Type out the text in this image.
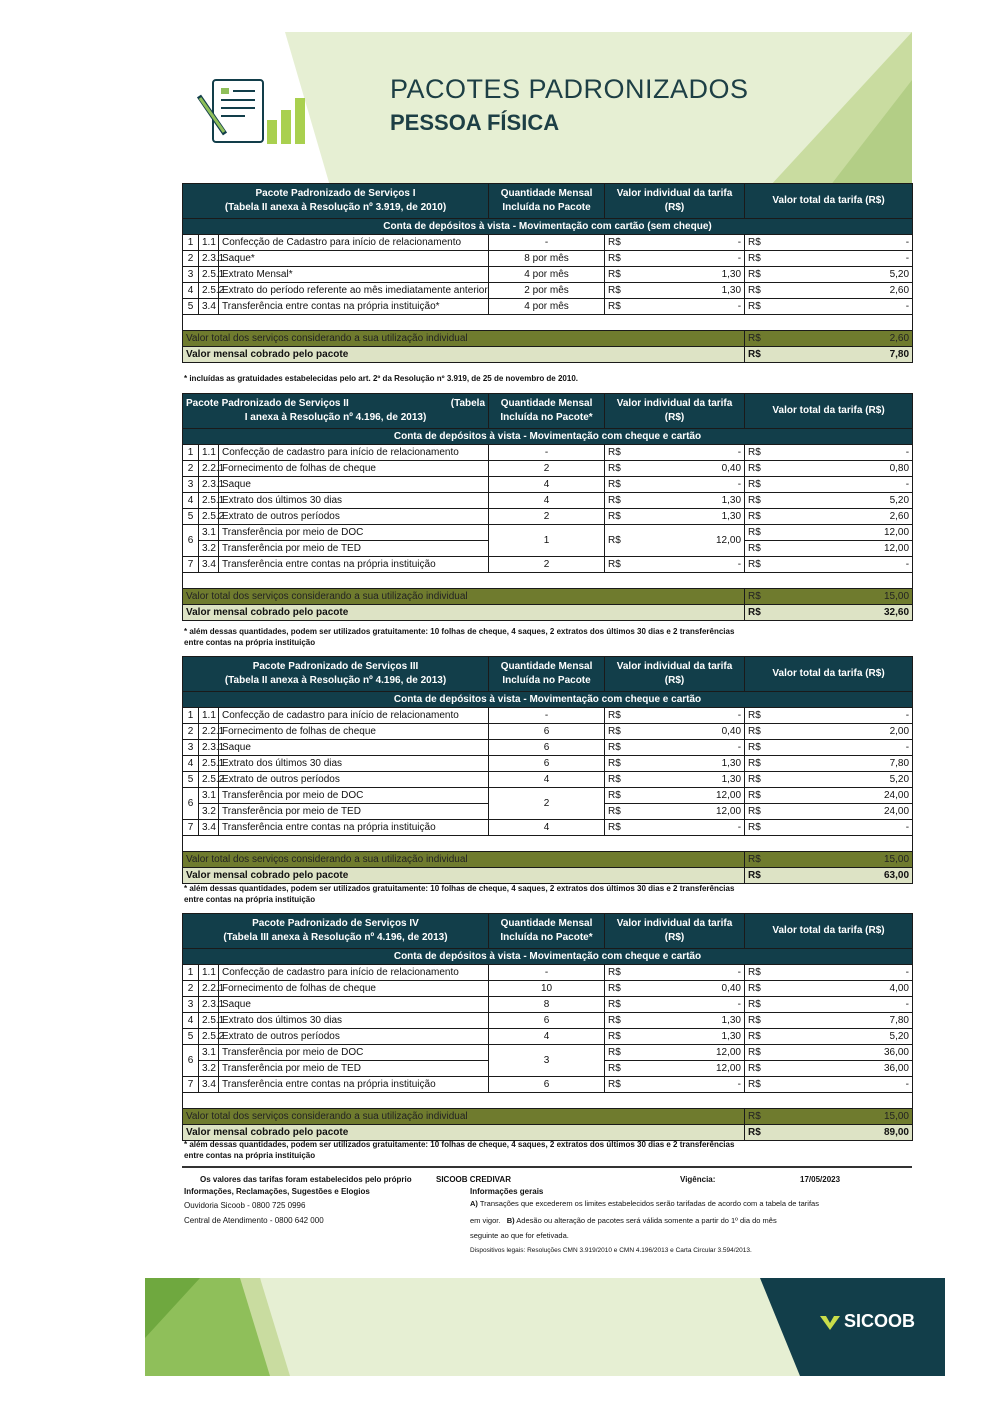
PACOTES PADRONIZADOS
PESSOA FÍSICA
Pacote Padronizado de Serviços I
(Tabela II anexa à Resolução nº 3.919, de 2010)			Quantidade Mensal Incluída no Pacote	Valor individual da tarifa (R$)	Valor total da tarifa (R$)
Conta de depósitos à vista - Movimentação com cartão (sem cheque)					
1	1.1	Confecção de Cadastro para início de relacionamento	-	R$ -	R$ -

2	2.3.1	Saque*	8 por mês	R$ -	R$ -

3	2.5.1	Extrato Mensal*	4 por mês	R$ 1,30	R$ 5,20

4	2.5.2	Extrato do período referente ao mês imediatamente anterior	2 por mês	R$ 1,30	R$ 2,60

5	3.4	Transferência entre contas na própria instituição*	4 por mês	R$ -	R$ -

Valor total dos serviços considerando a sua utilização individual					R$ 2,60

Valor mensal cobrado pelo pacote					R$ 7,80
* incluídas as gratuidades estabelecidas pelo art. 2º da Resolução nº 3.919, de 25 de novembro de 2010.
Pacote Padronizado de Serviços II (Tabela
I anexa à Resolução nº 4.196, de 2013)			Quantidade Mensal Incluída no Pacote*	Valor individual da tarifa (R$)	Valor total da tarifa (R$)
Conta de depósitos à vista - Movimentação com cheque e cartão					
1	1.1	Confecção de cadastro para início de relacionamento	-	R$ -	R$ -

2	2.2.1	Fornecimento de folhas de cheque	2	R$ 0,40	R$ 0,80

3	2.3.1	Saque	4	R$ -	R$ -

4	2.5.1	Extrato dos últimos 30 dias	4	R$ 1,30	R$ 5,20

5	2.5.2	Extrato de outros períodos	2	R$ 1,30	R$ 2,60

6	3.1	Transferência por meio de DOC	1	R$ 12,00	R$ 12,00

	3.2	Transferência por meio de TED			R$ 12,00

7	3.4	Transferência entre contas na própria instituição	2	R$ -	R$ -

Valor total dos serviços considerando a sua utilização individual					R$ 15,00

Valor mensal cobrado pelo pacote					R$ 32,60
* além dessas quantidades, podem ser utilizados gratuitamente: 10 folhas de cheque, 4 saques, 2 extratos dos últimos 30 dias e 2 transferências entre contas na própria instituição
Pacote Padronizado de Serviços III
(Tabela II anexa à Resolução nº 4.196, de 2013)			Quantidade Mensal Incluída no Pacote	Valor individual da tarifa (R$)	Valor total da tarifa (R$)
Conta de depósitos à vista - Movimentação com cheque e cartão					
1	1.1	Confecção de cadastro para início de relacionamento	-	R$ -	R$ -

2	2.2.1	Fornecimento de folhas de cheque	6	R$ 0,40	R$ 2,00

3	2.3.1	Saque	6	R$ -	R$ -

4	2.5.1	Extrato dos últimos 30 dias	6	R$ 1,30	R$ 7,80

5	2.5.2	Extrato de outros períodos	4	R$ 1,30	R$ 5,20

6	3.1	Transferência por meio de DOC	2	R$ 12,00	R$ 24,00

	3.2	Transferência por meio de TED		R$ 12,00	R$ 24,00

7	3.4	Transferência entre contas na própria instituição	4	R$ -	R$ -

Valor total dos serviços considerando a sua utilização individual					R$ 15,00

Valor mensal cobrado pelo pacote					R$ 63,00
* além dessas quantidades, podem ser utilizados gratuitamente: 10 folhas de cheque, 4 saques, 2 extratos dos últimos 30 dias e 2 transferências entre contas na própria instituição
Pacote Padronizado de Serviços IV
(Tabela III anexa à Resolução nº 4.196, de 2013)			Quantidade Mensal Incluída no Pacote*	Valor individual da tarifa (R$)	Valor total da tarifa (R$)
Conta de depósitos à vista - Movimentação com cheque e cartão					
1	1.1	Confecção de cadastro para início de relacionamento	-	R$ -	R$ -

2	2.2.1	Fornecimento de folhas de cheque	10	R$ 0,40	R$ 4,00

3	2.3.1	Saque	8	R$ -	R$ -

4	2.5.1	Extrato dos últimos 30 dias	6	R$ 1,30	R$ 7,80

5	2.5.2	Extrato de outros períodos	4	R$ 1,30	R$ 5,20

6	3.1	Transferência por meio de DOC	3	R$ 12,00	R$ 36,00

	3.2	Transferência por meio de TED		R$ 12,00	R$ 36,00

7	3.4	Transferência entre contas na própria instituição	6	R$ -	R$ -

Valor total dos serviços considerando a sua utilização individual					R$ 15,00

Valor mensal cobrado pelo pacote					R$ 89,00
* além dessas quantidades, podem ser utilizados gratuitamente: 10 folhas de cheque, 4 saques, 2 extratos dos últimos 30 dias e 2 transferências entre contas na própria instituição
Os valores das tarifas foram estabelecidos pelo próprio	SICOOB CREDIVAR	Vigência:	17/05/2023
Informações, Reclamações, Sugestões e Elogios
Ouvidoria Sicoob - 0800 725 0996
Central de Atendimento - 0800 642 000
Informações gerais
A) Transações que excederem os limites estabelecidos serão tarifadas de acordo com a tabela de tarifas
em vigor. B) Adesão ou alteração de pacotes será válida somente a partir do 1º dia do mês
seguinte ao que for efetivada.
Dispositivos legais: Resoluções CMN 3.919/2010 e CMN 4.196/2013 e Carta Circular 3.594/2013.
SICOOB
